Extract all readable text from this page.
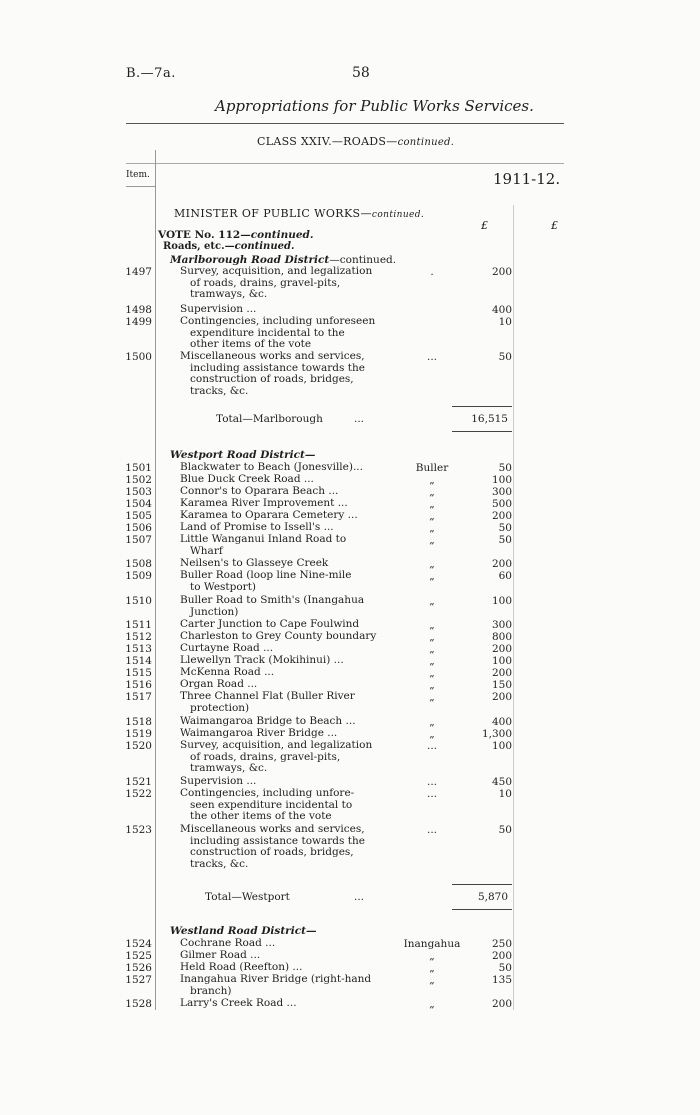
B.—7a.	58
Appropriations for Public Works Services.
CLASS XXIV.—ROADS—continued.
Item.	1911-12.
MINISTER OF PUBLIC WORKS—continued.
£	£
VOTE No. 112—continued.
Roads, etc.—continued.
Marlborough Road District—continued.
1497	Survey, acquisition, and legalization
of roads, drains, gravel-pits,
tramways, &c.
.	200
1498	Supervision ...	400
1499	Contingencies, including unforeseen
expenditure incidental to the
other items of the vote
10
1500	Miscellaneous works and services,
including assistance towards the
construction of roads, bridges,
tracks, &c.
...	50
Total—Marlborough	...	16,515
Westport Road District—
1501	Blackwater to Beach (Jonesville)...	Buller	50
1502	Blue Duck Creek Road ...	„	100
1503	Connor's to Oparara Beach ...	„	300
1504	Karamea River Improvement ...	„	500
1505	Karamea to Oparara Cemetery ...	„	200
1506	Land of Promise to Issell's ...	„	50
1507	Little Wanganui Inland Road to
Wharf
„	50
1508	Neilsen's to Glasseye Creek	„	200
1509	Buller Road (loop line Nine-mile
to Westport)
„	60
1510	Buller Road to Smith's (Inangahua
Junction)
„	100
1511	Carter Junction to Cape Foulwind	„	300
1512	Charleston to Grey County boundary	„	800
1513	Curtayne Road ...	„	200
1514	Llewellyn Track (Mokihinui) ...	„	100
1515	McKenna Road ...	„	200
1516	Organ Road ...	„	150
1517	Three Channel Flat (Buller River
protection)
„	200
1518	Waimangaroa Bridge to Beach ...	„	400
1519	Waimangaroa River Bridge ...	„	1,300
1520	Survey, acquisition, and legalization
of roads, drains, gravel-pits,
tramways, &c.
...	100
1521	Supervision ...	...	450
1522	Contingencies, including unfore-
seen expenditure incidental to
the other items of the vote
...	10
1523	Miscellaneous works and services,
including assistance towards the
construction of roads, bridges,
tracks, &c.
...	50
Total—Westport	...	5,870
Westland Road District—
1524	Cochrane Road ...	Inangahua	250
1525	Gilmer Road ...	„	200
1526	Held Road (Reefton) ...	„	50
1527	Inangahua River Bridge (right-hand
branch)
„	135
1528	Larry's Creek Road ...	„	200
